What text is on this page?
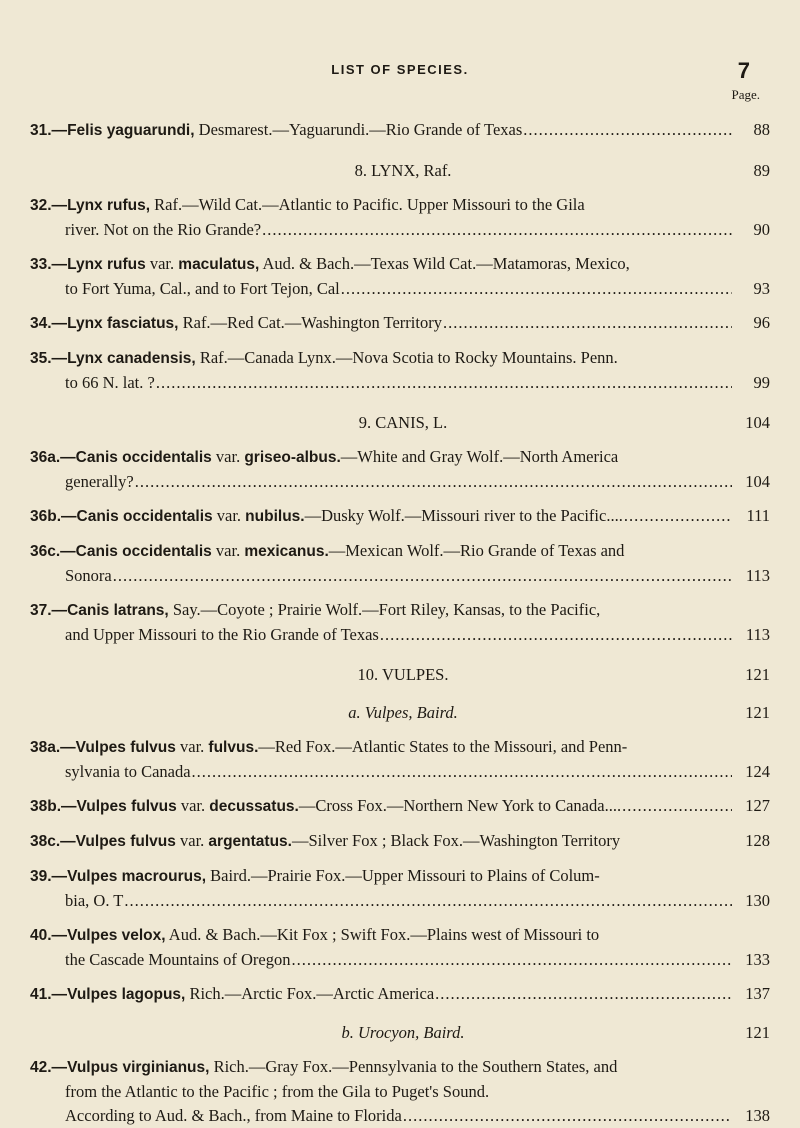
LIST OF SPECIES.	7
Page.
31.—Felis yaguarundi, Desmarest.—Yaguarundi.—Rio Grande of Texas .....	88
8. LYNX, Raf.	89
32.—Lynx rufus, Raf.—Wild Cat.—Atlantic to Pacific. Upper Missouri to the Gila
river. Not on the Rio Grande? .....	90
33.—Lynx rufus var. maculatus, Aud. & Bach.—Texas Wild Cat.—Matamoras, Mexico,
to Fort Yuma, Cal., and to Fort Tejon, Cal .....	93
34.—Lynx fasciatus, Raf.—Red Cat.—Washington Territory .....	96
35.—Lynx canadensis, Raf.—Canada Lynx.—Nova Scotia to Rocky Mountains. Penn.
to 66 N. lat. ? .....	99
9. CANIS, L.	104
36a.—Canis occidentalis var. griseo-albus.—White and Gray Wolf.—North America
generally? .....	104
36b.—Canis occidentalis var. nubilus.—Dusky Wolf.—Missouri river to the Pacific.... .....	111
36c.—Canis occidentalis var. mexicanus.—Mexican Wolf.—Rio Grande of Texas and
Sonora .....	113
37.—Canis latrans, Say.—Coyote ; Prairie Wolf.—Fort Riley, Kansas, to the Pacific,
and Upper Missouri to the Rio Grande of Texas .....	113
10. VULPES.	121
a. Vulpes, Baird.	121
38a.—Vulpes fulvus var. fulvus.—Red Fox.—Atlantic States to the Missouri, and Penn-
sylvania to Canada .....	124
38b.—Vulpes fulvus var. decussatus.—Cross Fox.—Northern New York to Canada.... .....	127
38c.—Vulpes fulvus var. argentatus.—Silver Fox ; Black Fox.—Washington Territory	128
39.—Vulpes macrourus, Baird.—Prairie Fox.—Upper Missouri to Plains of Colum-
bia, O. T .....	130
40.—Vulpes velox, Aud. & Bach.—Kit Fox ; Swift Fox.—Plains west of Missouri to
the Cascade Mountains of Oregon .....	133
41.—Vulpes lagopus, Rich.—Arctic Fox.—Arctic America .....	137
b. Urocyon, Baird.	121
42.—Vulpus virginianus, Rich.—Gray Fox.—Pennsylvania to the Southern States, and
from the Atlantic to the Pacific ; from the Gila to Puget's Sound.
According to Aud. & Bach., from Maine to Florida .....	138
